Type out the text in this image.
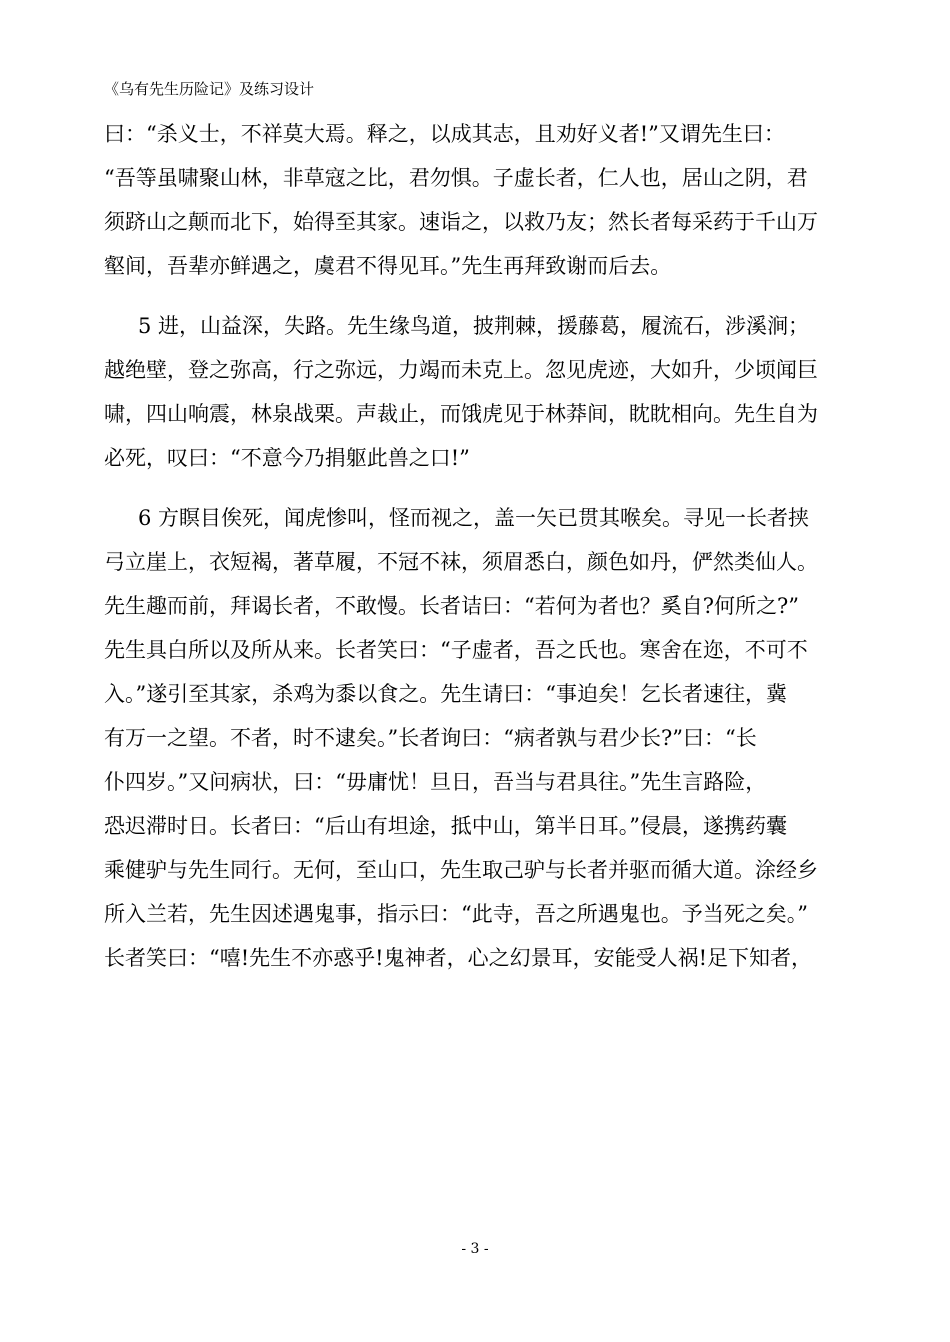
《乌有先生历险记》及练习设计
曰：“杀义士，不祥莫大焉。释之，以成其志，且劝好义者!”又谓先生曰：
“吾等虽啸聚山林，非草寇之比，君勿惧。子虚长者，仁人也，居山之阴，君
须跻山之颠而北下，始得至其家。速诣之，以救乃友；然长者每采药于千山万
壑间，吾辈亦鲜遇之，虞君不得见耳。”先生再拜致谢而后去。
5 进，山益深，失路。先生缘鸟道，披荆棘，援藤葛，履流石，涉溪涧；
越绝壁，登之弥高，行之弥远，力竭而未克上。忽见虎迹，大如升，少顷闻巨
啸，四山响震，林泉战栗。声裁止，而饿虎见于林莽间，眈眈相向。先生自为
必死，叹曰：“不意今乃捐躯此兽之口!”
6 方瞑目俟死，闻虎惨叫，怪而视之，盖一矢已贯其喉矣。寻见一长者挟
弓立崖上，衣短褐，著草履，不冠不袜，须眉悉白，颜色如丹，俨然类仙人。
先生趣而前，拜谒长者，不敢慢。长者诘曰：“若何为者也？奚自?何所之?”
先生具白所以及所从来。长者笑曰：“子虚者，吾之氏也。寒舍在迩，不可不
入。”遂引至其家，杀鸡为黍以食之。先生请曰：“事迫矣！乞长者速往，冀
有万一之望。不者，时不逮矣。”长者询曰：“病者孰与君少长?”曰：“长
仆四岁。”又问病状，曰：“毋庸忧！旦日，吾当与君具往。”先生言路险，
恐迟滞时日。长者曰：“后山有坦途，抵中山，第半日耳。”侵晨，遂携药囊
乘健驴与先生同行。无何，至山口，先生取己驴与长者并驱而循大道。涂经乡
所入兰若，先生因述遇鬼事，指示曰：“此寺，吾之所遇鬼也。予当死之矣。”
长者笑曰：“嘻!先生不亦惑乎!鬼神者，心之幻景耳，安能受人祸!足下知者，
- 3 -
